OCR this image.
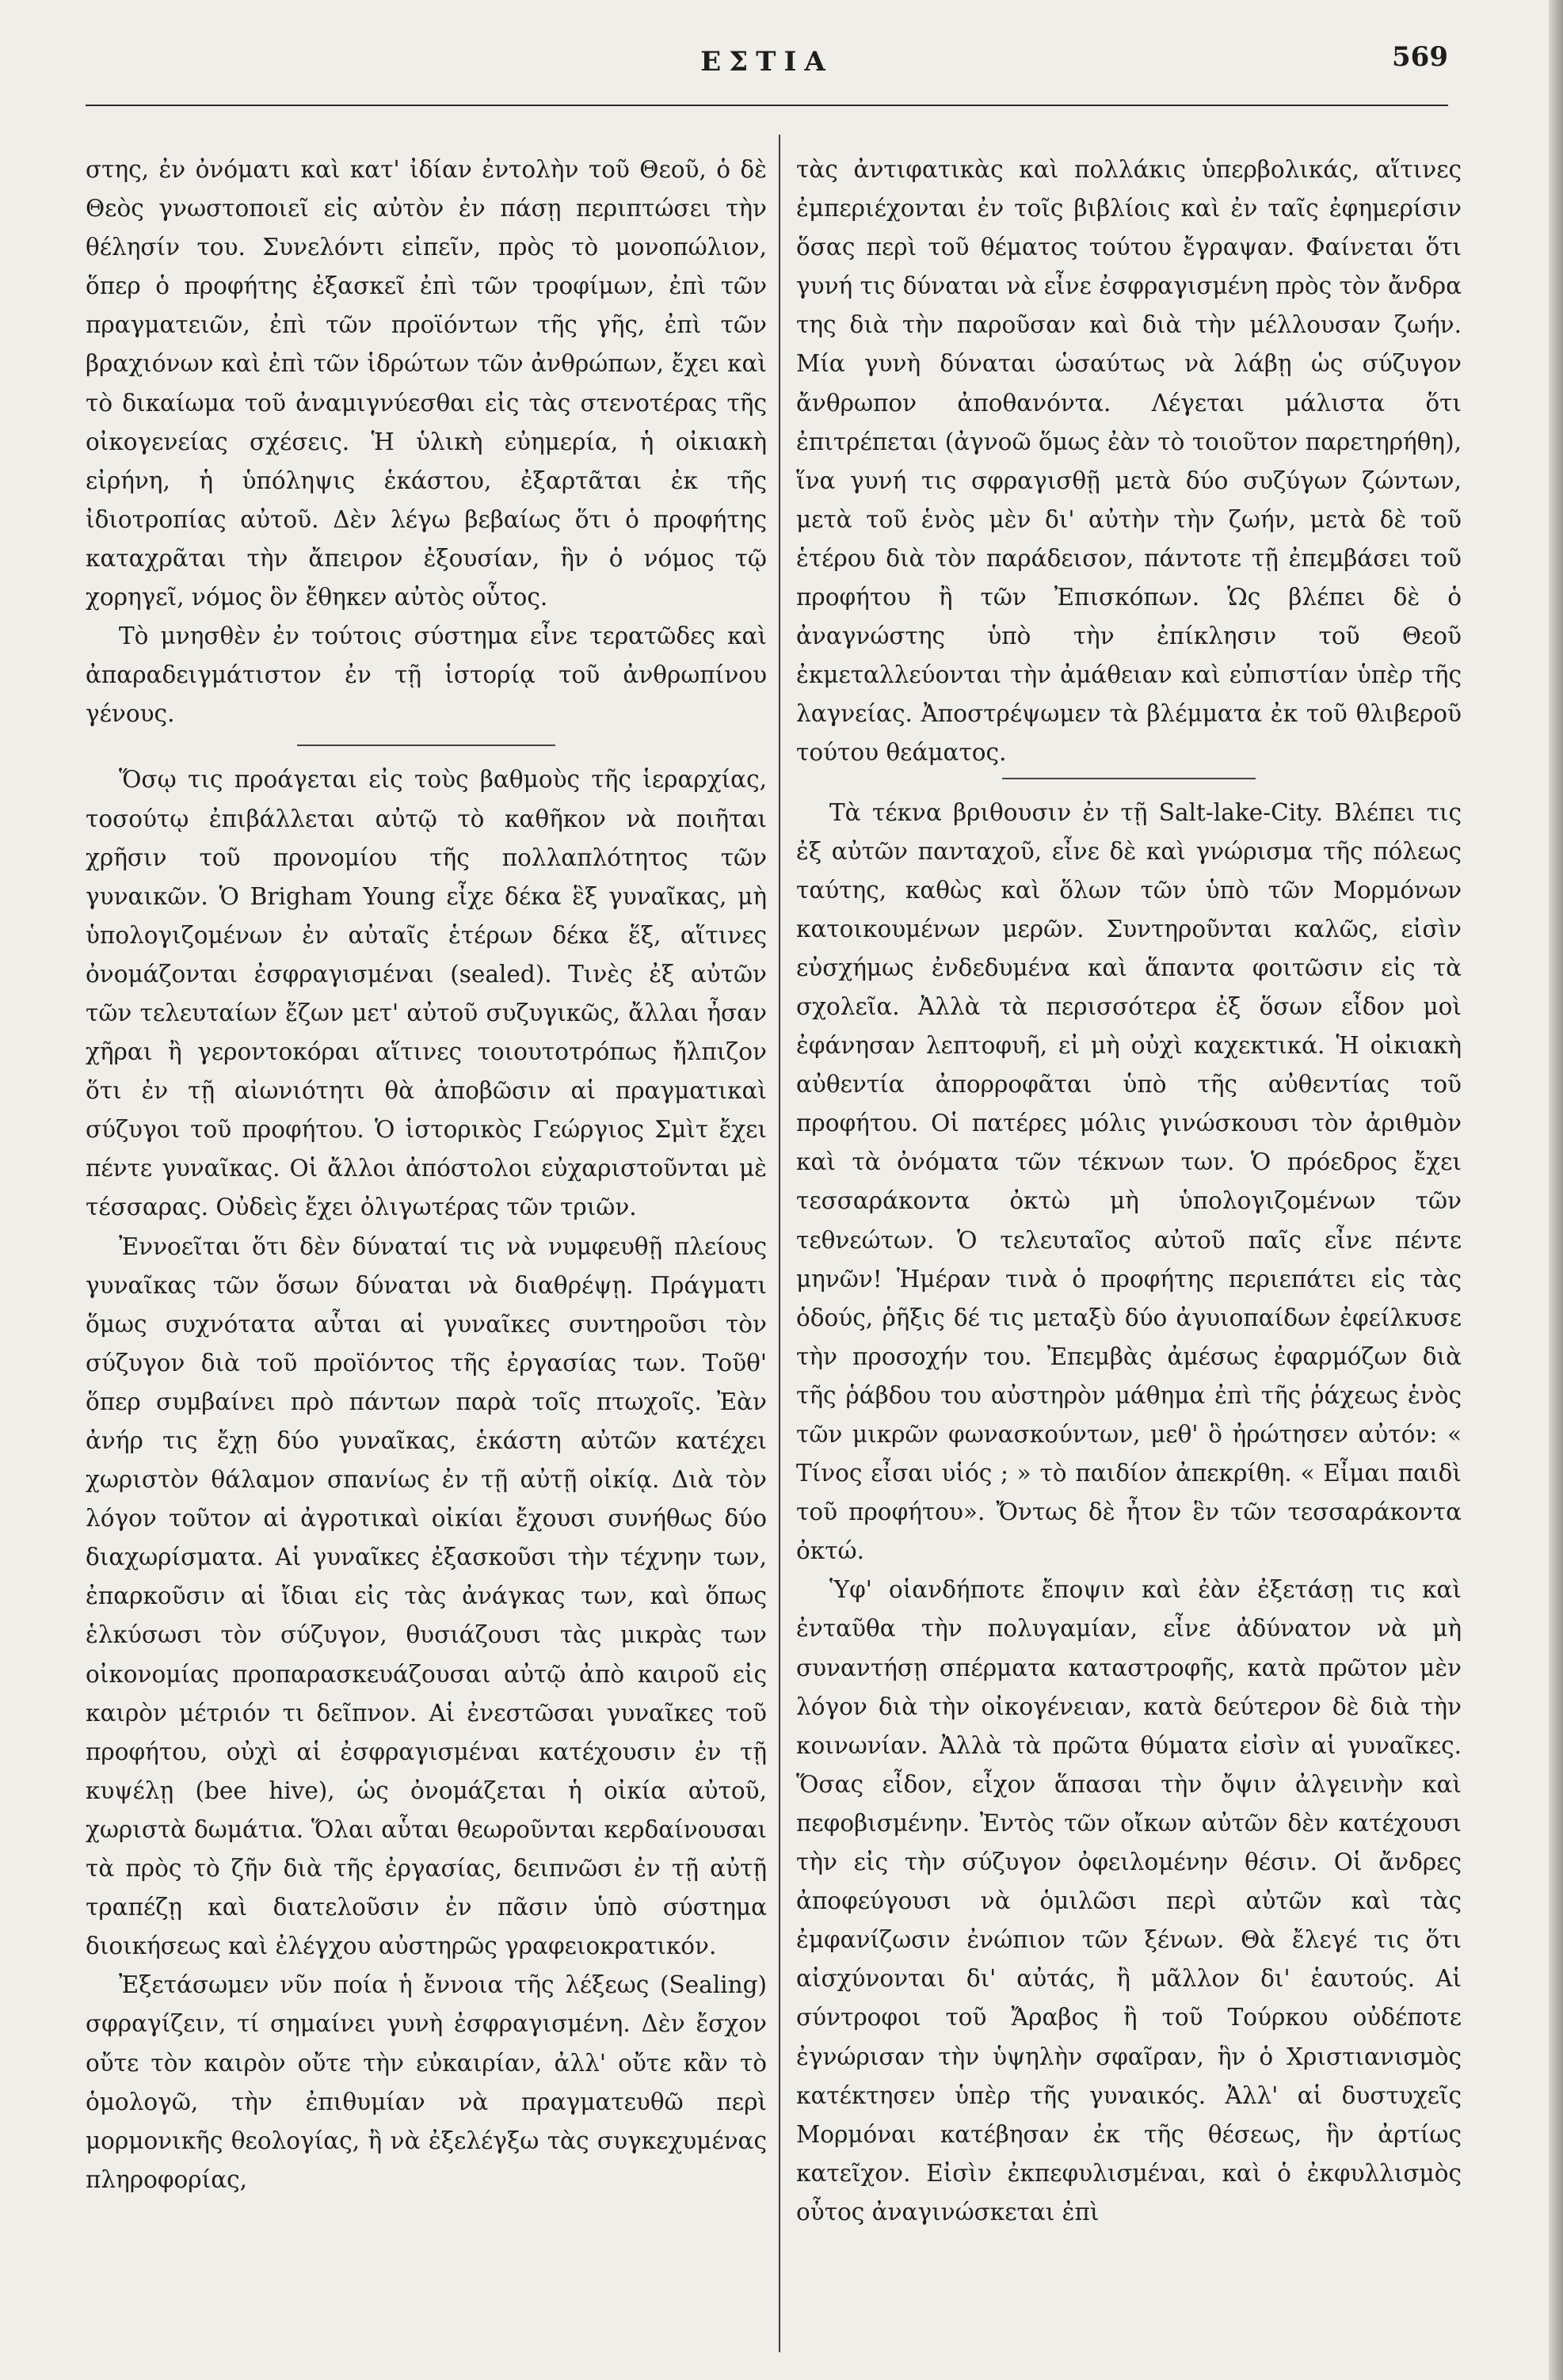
ΕΣΤΙΑ	569

στης, ἐν ὀνόματι καὶ κατ' ἰδίαν ἐντολὴν τοῦ Θεοῦ, ὁ δὲ Θεὸς γνωστοποιεῖ εἰς αὐτὸν ἐν πάσῃ περιπτώσει τὴν θέλησίν του. Συνελόντι εἰπεῖν, πρὸς τὸ μονοπώλιον, ὅπερ ὁ προφήτης ἐξασκεῖ ἐπὶ τῶν τροφίμων, ἐπὶ τῶν πραγματειῶν, ἐπὶ τῶν προϊόντων τῆς γῆς, ἐπὶ τῶν βραχιόνων καὶ ἐπὶ τῶν ἱδρώτων τῶν ἀνθρώπων, ἔχει καὶ τὸ δικαίωμα τοῦ ἀναμιγνύεσθαι εἰς τὰς στενοτέρας τῆς οἰκογενείας σχέσεις. Ἡ ὑλικὴ εὐημερία, ἡ οἰκιακὴ εἰρήνη, ἡ ὑπόληψις ἑκάστου, ἐξαρτᾶται ἐκ τῆς ἰδιοτροπίας αὐτοῦ. Δὲν λέγω βεβαίως ὅτι ὁ προφήτης καταχρᾶται τὴν ἄπειρον ἐξουσίαν, ἣν ὁ νόμος τῷ χορηγεῖ, νόμος ὃν ἔθηκεν αὐτὸς οὗτος.

Τὸ μνησθὲν ἐν τούτοις σύστημα εἶνε τερατῶδες καὶ ἀπαραδειγμάτιστον ἐν τῇ ἱστορίᾳ τοῦ ἀνθρωπίνου γένους.

Ὅσῳ τις προάγεται εἰς τοὺς βαθμοὺς τῆς ἱεραρχίας, τοσούτῳ ἐπιβάλλεται αὐτῷ τὸ καθῆκον νὰ ποιῆται χρῆσιν τοῦ προνομίου τῆς πολλαπλότητος τῶν γυναικῶν. Ὁ Brigham Young εἶχε δέκα ἓξ γυναῖκας, μὴ ὑπολογιζομένων ἐν αὐταῖς ἑτέρων δέκα ἕξ, αἵτινες ὀνομάζονται ἐσφραγισμέναι (sealed). Τινὲς ἐξ αὐτῶν τῶν τελευταίων ἔζων μετ' αὐτοῦ συζυγικῶς, ἄλλαι ἦσαν χῆραι ἢ γεροντοκόραι αἵτινες τοιουτοτρόπως ἤλπιζον ὅτι ἐν τῇ αἰωνιότητι θὰ ἀποβῶσιν αἱ πραγματικαὶ σύζυγοι τοῦ προφήτου. Ὁ ἱστορικὸς Γεώργιος Σμὶτ ἔχει πέντε γυναῖκας. Οἱ ἄλλοι ἀπόστολοι εὐχαριστοῦνται μὲ τέσσαρας. Οὐδεὶς ἔχει ὀλιγωτέρας τῶν τριῶν.

Ἐννοεῖται ὅτι δὲν δύναταί τις νὰ νυμφευθῇ πλείους γυναῖκας τῶν ὅσων δύναται νὰ διαθρέψῃ. Πράγματι ὅμως συχνότατα αὗται αἱ γυναῖκες συντηροῦσι τὸν σύζυγον διὰ τοῦ προϊόντος τῆς ἐργασίας των. Τοῦθ' ὅπερ συμβαίνει πρὸ πάντων παρὰ τοῖς πτωχοῖς. Ἐὰν ἀνήρ τις ἔχῃ δύο γυναῖκας, ἑκάστη αὐτῶν κατέχει χωριστὸν θάλαμον σπανίως ἐν τῇ αὐτῇ οἰκίᾳ. Διὰ τὸν λόγον τοῦτον αἱ ἀγροτικαὶ οἰκίαι ἔχουσι συνήθως δύο διαχωρίσματα. Αἱ γυναῖκες ἐξασκοῦσι τὴν τέχνην των, ἐπαρκοῦσιν αἱ ἴδιαι εἰς τὰς ἀνάγκας των, καὶ ὅπως ἑλκύσωσι τὸν σύζυγον, θυσιάζουσι τὰς μικρὰς των οἰκονομίας προπαρασκευάζουσαι αὐτῷ ἀπὸ καιροῦ εἰς καιρὸν μέτριόν τι δεῖπνον. Αἱ ἐνεστῶσαι γυναῖκες τοῦ προφήτου, οὐχὶ αἱ ἐσφραγισμέναι κατέχουσιν ἐν τῇ κυψέλῃ (bee hive), ὡς ὀνομάζεται ἡ οἰκία αὐτοῦ, χωριστὰ δωμάτια. Ὅλαι αὗται θεωροῦνται κερδαίνουσαι τὰ πρὸς τὸ ζῆν διὰ τῆς ἐργασίας, δειπνῶσι ἐν τῇ αὐτῇ τραπέζῃ καὶ διατελοῦσιν ἐν πᾶσιν ὑπὸ σύστημα διοικήσεως καὶ ἐλέγχου αὐστηρῶς γραφειοκρατικόν.

Ἐξετάσωμεν νῦν ποία ἡ ἔννοια τῆς λέξεως (Sealing) σφραγίζειν, τί σημαίνει γυνὴ ἐσφραγισμένη. Δὲν ἔσχον οὔτε τὸν καιρὸν οὔτε τὴν εὐκαιρίαν, ἀλλ' οὔτε κἂν τὸ ὁμολογῶ, τὴν ἐπιθυμίαν νὰ πραγματευθῶ περὶ μορμονικῆς θεολογίας, ἢ νὰ ἐξελέγξω τὰς συγκεχυμένας πληροφορίας,

τὰς ἀντιφατικὰς καὶ πολλάκις ὑπερβολικάς, αἵτινες ἐμπεριέχονται ἐν τοῖς βιβλίοις καὶ ἐν ταῖς ἐφημερίσιν ὅσας περὶ τοῦ θέματος τούτου ἔγραψαν. Φαίνεται ὅτι γυνή τις δύναται νὰ εἶνε ἐσφραγισμένη πρὸς τὸν ἄνδρα της διὰ τὴν παροῦσαν καὶ διὰ τὴν μέλλουσαν ζωήν. Μία γυνὴ δύναται ὡσαύτως νὰ λάβῃ ὡς σύζυγον ἄνθρωπον ἀποθανόντα. Λέγεται μάλιστα ὅτι ἐπιτρέπεται (ἀγνοῶ ὅμως ἐὰν τὸ τοιοῦτον παρετηρήθη), ἵνα γυνή τις σφραγισθῇ μετὰ δύο συζύγων ζώντων, μετὰ τοῦ ἑνὸς μὲν δι' αὐτὴν τὴν ζωήν, μετὰ δὲ τοῦ ἑτέρου διὰ τὸν παράδεισον, πάντοτε τῇ ἐπεμβάσει τοῦ προφήτου ἢ τῶν Ἐπισκόπων. Ὡς βλέπει δὲ ὁ ἀναγνώστης ὑπὸ τὴν ἐπίκλησιν τοῦ Θεοῦ ἐκμεταλλεύονται τὴν ἀμάθειαν καὶ εὐπιστίαν ὑπὲρ τῆς λαγνείας. Ἀποστρέψωμεν τὰ βλέμματα ἐκ τοῦ θλιβεροῦ τούτου θεάματος.

Τὰ τέκνα βριθουσιν ἐν τῇ Salt-lake-City. Βλέπει τις ἐξ αὐτῶν πανταχοῦ, εἶνε δὲ καὶ γνώρισμα τῆς πόλεως ταύτης, καθὼς καὶ ὅλων τῶν ὑπὸ τῶν Μορμόνων κατοικουμένων μερῶν. Συντηροῦνται καλῶς, εἰσὶν εὐσχήμως ἐνδεδυμένα καὶ ἅπαντα φοιτῶσιν εἰς τὰ σχολεῖα. Ἀλλὰ τὰ περισσότερα ἐξ ὅσων εἶδον μοὶ ἐφάνησαν λεπτοφυῆ, εἰ μὴ οὐχὶ καχεκτικά. Ἡ οἰκιακὴ αὐθεντία ἀπορροφᾶται ὑπὸ τῆς αὐθεντίας τοῦ προφήτου. Οἱ πατέρες μόλις γινώσκουσι τὸν ἀριθμὸν καὶ τὰ ὀνόματα τῶν τέκνων των. Ὁ πρόεδρος ἔχει τεσσαράκοντα ὀκτὼ μὴ ὑπολογιζομένων τῶν τεθνεώτων. Ὁ τελευταῖος αὐτοῦ παῖς εἶνε πέντε μηνῶν! Ἡμέραν τινὰ ὁ προφήτης περιεπάτει εἰς τὰς ὁδούς, ῥῆξις δέ τις μεταξὺ δύο ἀγυιοπαίδων ἐφείλκυσε τὴν προσοχήν του. Ἐπεμβὰς ἀμέσως ἐφαρμόζων διὰ τῆς ῥάβδου του αὐστηρὸν μάθημα ἐπὶ τῆς ῥάχεως ἑνὸς τῶν μικρῶν φωνασκούντων, μεθ' ὃ ἠρώτησεν αὐτόν: « Τίνος εἶσαι υἱός ; » τὸ παιδίον ἀπεκρίθη. « Εἶμαι παιδὶ τοῦ προφήτου». Ὄντως δὲ ἦτον ἓν τῶν τεσσαράκοντα ὀκτώ.

Ὑφ' οἱανδήποτε ἔποψιν καὶ ἐὰν ἐξετάσῃ τις καὶ ἐνταῦθα τὴν πολυγαμίαν, εἶνε ἀδύνατον νὰ μὴ συναντήσῃ σπέρματα καταστροφῆς, κατὰ πρῶτον μὲν λόγον διὰ τὴν οἰκογένειαν, κατὰ δεύτερον δὲ διὰ τὴν κοινωνίαν. Ἀλλὰ τὰ πρῶτα θύματα εἰσὶν αἱ γυναῖκες. Ὅσας εἶδον, εἶχον ἅπασαι τὴν ὄψιν ἀλγεινὴν καὶ πεφοβισμένην. Ἐντὸς τῶν οἴκων αὐτῶν δὲν κατέχουσι τὴν εἰς τὴν σύζυγον ὀφειλομένην θέσιν. Οἱ ἄνδρες ἀποφεύγουσι νὰ ὁμιλῶσι περὶ αὐτῶν καὶ τὰς ἐμφανίζωσιν ἐνώπιον τῶν ξένων. Θὰ ἔλεγέ τις ὅτι αἰσχύνονται δι' αὐτάς, ἢ μᾶλλον δι' ἑαυτούς. Αἱ σύντροφοι τοῦ Ἄραβος ἢ τοῦ Τούρκου οὐδέποτε ἐγνώρισαν τὴν ὑψηλὴν σφαῖραν, ἣν ὁ Χριστιανισμὸς κατέκτησεν ὑπὲρ τῆς γυναικός. Ἀλλ' αἱ δυστυχεῖς Μορμόναι κατέβησαν ἐκ τῆς θέσεως, ἣν ἀρτίως κατεῖχον. Εἰσὶν ἐκπεφυλισμέναι, καὶ ὁ ἐκφυλλισμὸς οὗτος ἀναγινώσκεται ἐπὶ
